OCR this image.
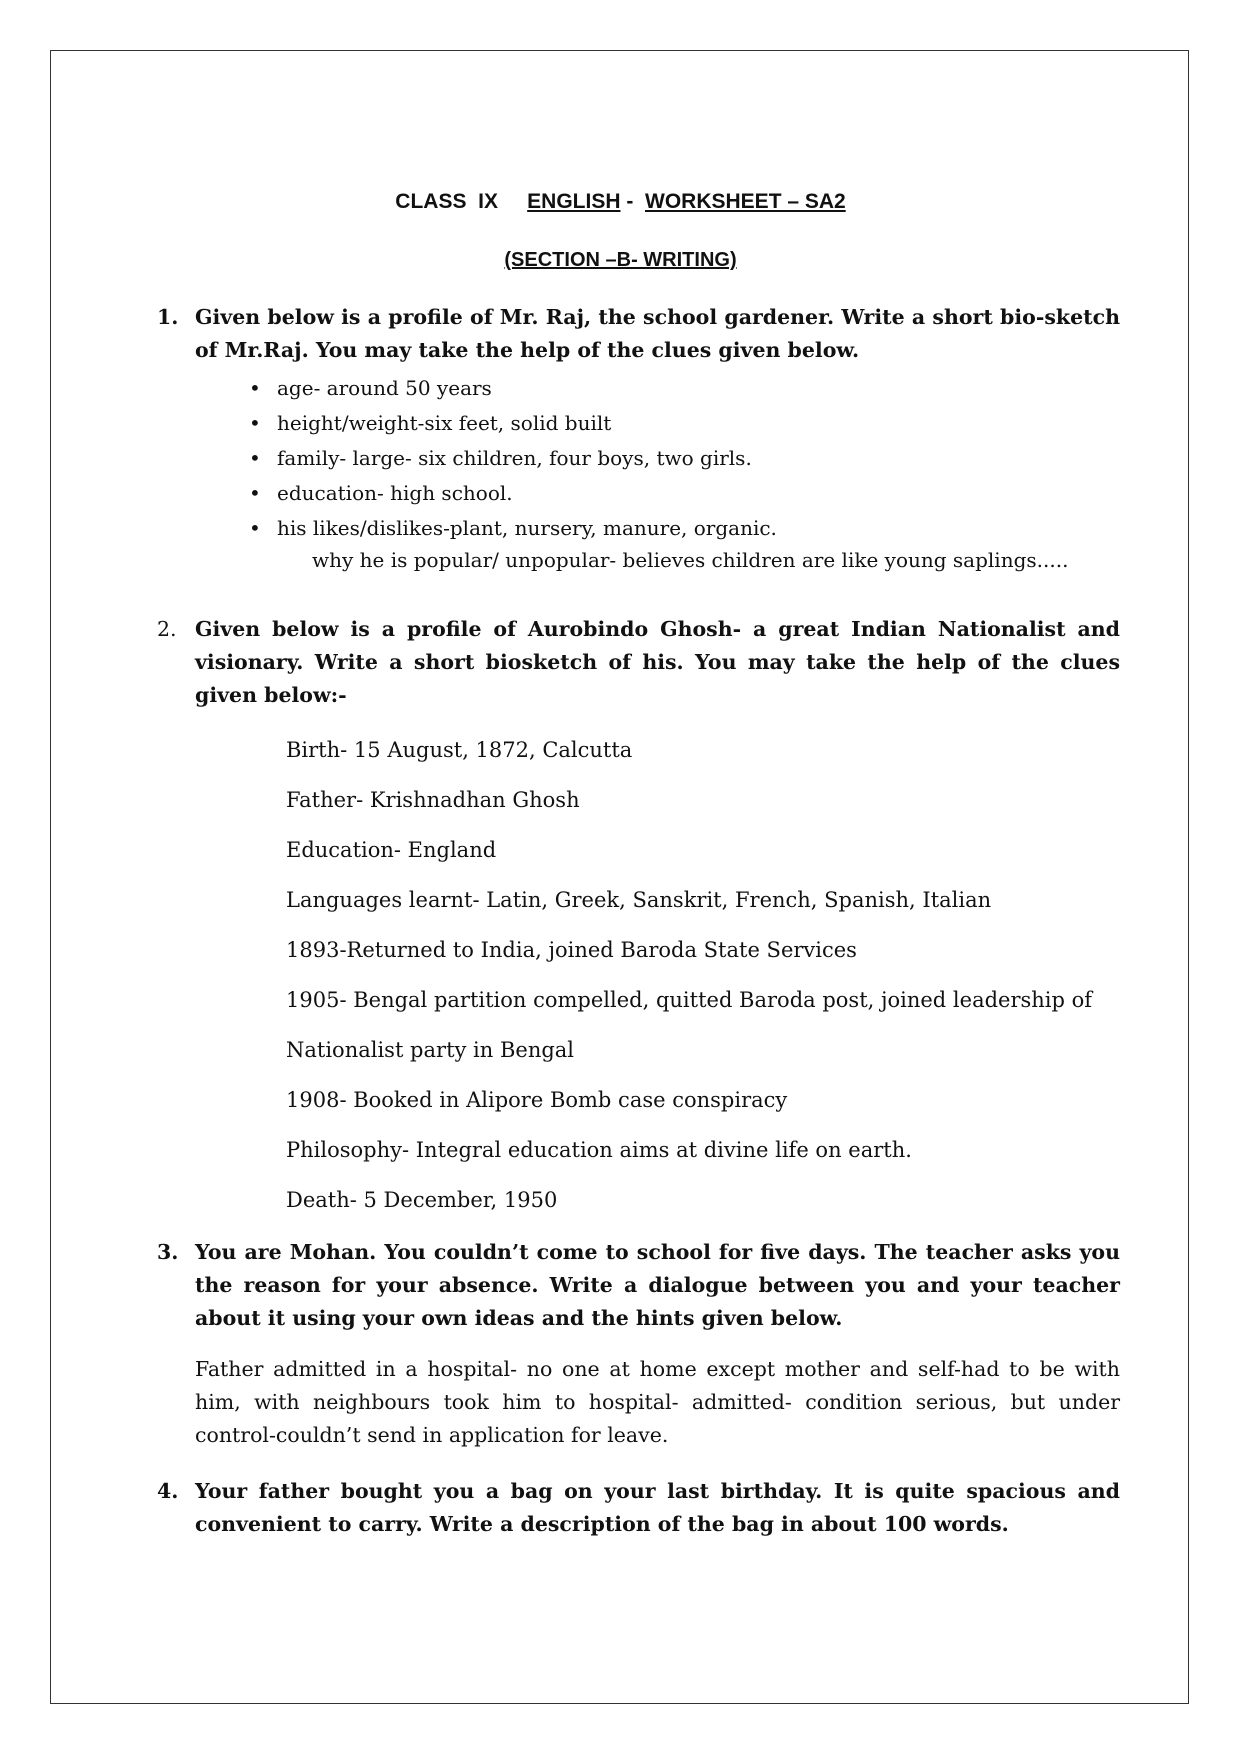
CLASS  IX ENGLISH -  WORKSHEET – SA2
(SECTION –B- WRITING)
1. Given below is a profile of Mr. Raj, the school gardener. Write a short bio-sketch of Mr.Raj. You may take the help of the clues given below.
• age- around 50 years
• height/weight-six feet, solid built
• family- large- six children, four boys, two girls.
• education- high school.
• his likes/dislikes-plant, nursery, manure, organic.
why he is popular/ unpopular- believes children are like young saplings.....
2. Given below is a profile of Aurobindo Ghosh- a great Indian Nationalist and visionary. Write a short biosketch of his. You may take the help of the clues given below:-
Birth- 15 August, 1872, Calcutta
Father- Krishnadhan Ghosh
Education- England
Languages learnt- Latin, Greek, Sanskrit, French, Spanish, Italian
1893-Returned to India, joined Baroda State Services
1905- Bengal partition compelled, quitted Baroda post, joined leadership of
Nationalist party in Bengal
1908- Booked in Alipore Bomb case conspiracy
Philosophy- Integral education aims at divine life on earth.
Death- 5 December, 1950
3. You are Mohan. You couldn’t come to school for five days. The teacher asks you the reason for your absence. Write a dialogue between you and your teacher about it using your own ideas and the hints given below.
Father admitted in a hospital- no one at home except mother and self-had to be with him, with neighbours took him to hospital- admitted- condition serious, but under control-couldn’t send in application for leave.
4. Your father bought you a bag on your last birthday. It is quite spacious and convenient to carry. Write a description of the bag in about 100 words.
